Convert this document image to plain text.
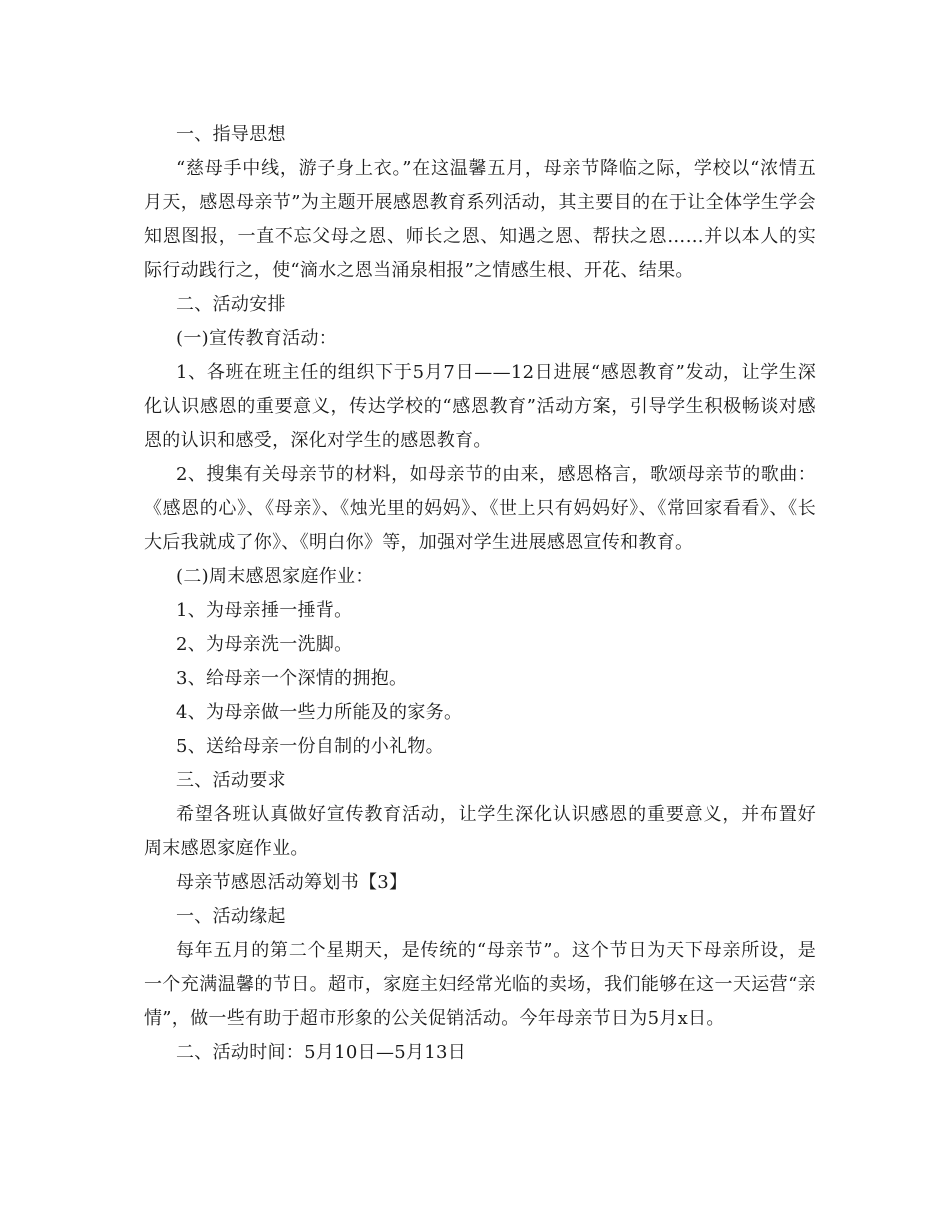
一、指导思想

“慈母手中线，游子身上衣。”在这温馨五月，母亲节降临之际，学校以“浓情五月天，感恩母亲节”为主题开展感恩教育系列活动，其主要目的在于让全体学生学会知恩图报，一直不忘父母之恩、师长之恩、知遇之恩、帮扶之恩……并以本人的实际行动践行之，使“滴水之恩当涌泉相报”之情感生根、开花、结果。

二、活动安排

(一)宣传教育活动：

1、各班在班主任的组织下于5月7日——12日进展“感恩教育”发动，让学生深化认识感恩的重要意义，传达学校的“感恩教育”活动方案，引导学生积极畅谈对感恩的认识和感受，深化对学生的感恩教育。

2、搜集有关母亲节的材料，如母亲节的由来，感恩格言，歌颂母亲节的歌曲：《感恩的心》、《母亲》、《烛光里的妈妈》、《世上只有妈妈好》、《常回家看看》、《长大后我就成了你》、《明白你》等，加强对学生进展感恩宣传和教育。

(二)周末感恩家庭作业：

1、为母亲捶一捶背。

2、为母亲洗一洗脚。

3、给母亲一个深情的拥抱。

4、为母亲做一些力所能及的家务。

5、送给母亲一份自制的小礼物。

三、活动要求

希望各班认真做好宣传教育活动，让学生深化认识感恩的重要意义，并布置好周末感恩家庭作业。

母亲节感恩活动筹划书【3】

一、活动缘起

每年五月的第二个星期天，是传统的“母亲节”。这个节日为天下母亲所设，是一个充满温馨的节日。超市，家庭主妇经常光临的卖场，我们能够在这一天运营“亲情”，做一些有助于超市形象的公关促销活动。今年母亲节日为5月x日。

二、活动时间：5月10日—5月13日
